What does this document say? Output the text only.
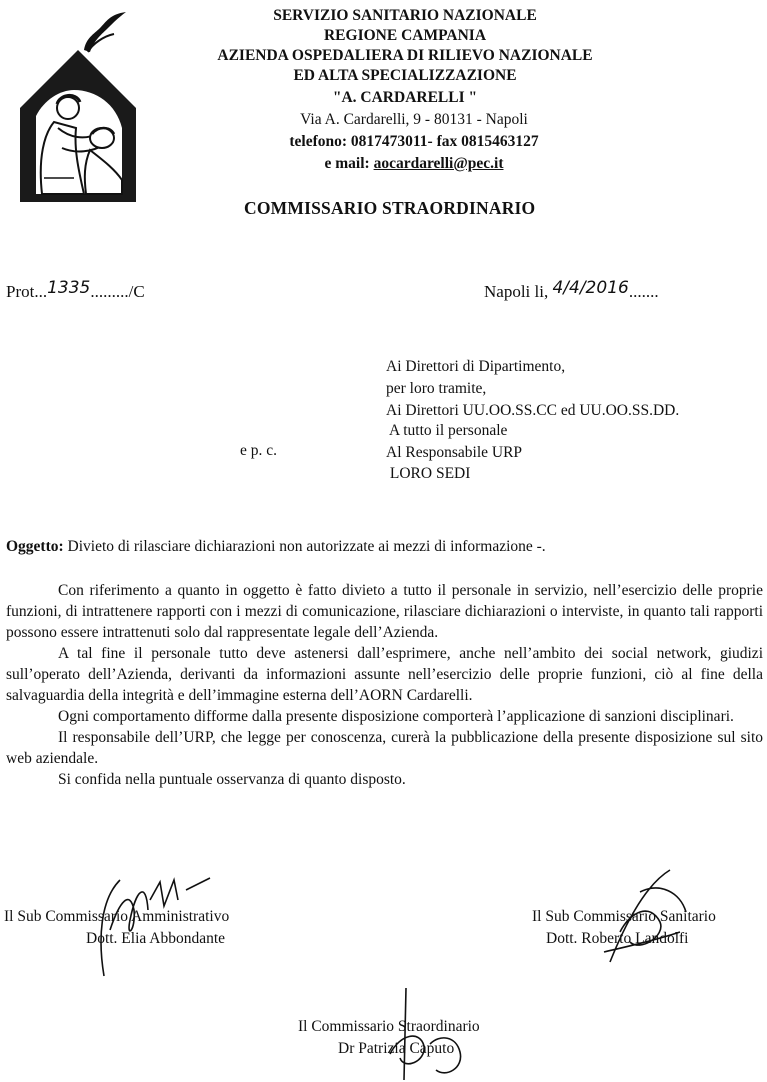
SERVIZIO SANITARIO NAZIONALE
REGIONE CAMPANIA
AZIENDA OSPEDALIERA DI RILIEVO NAZIONALE
ED ALTA SPECIALIZZAZIONE
"A. CARDARELLI "
Via A. Cardarelli, 9 - 80131 - Napoli
telefono: 0817473011- fax 0815463127
e mail: aocardarelli@pec.it
COMMISSARIO STRAORDINARIO
Prot...1335........./C	Napoli li, 4/4/2016.......
Ai Direttori di Dipartimento,
per loro tramite,
Ai Direttori UU.OO.SS.CC ed UU.OO.SS.DD.
A tutto il personale
Al Responsabile URP
LORO SEDI
e p. c.
Oggetto: Divieto di rilasciare dichiarazioni non autorizzate ai mezzi di informazione -.

Con riferimento a quanto in oggetto è fatto divieto a tutto il personale in servizio, nell’esercizio delle proprie funzioni, di intrattenere rapporti con i mezzi di comunicazione, rilasciare dichiarazioni o interviste, in quanto tali rapporti possono essere intrattenuti solo dal rappresentate legale dell’Azienda.

A tal fine il personale tutto deve astenersi dall’esprimere, anche nell’ambito dei social network, giudizi sull’operato dell’Azienda, derivanti da informazioni assunte nell’esercizio delle proprie funzioni, ciò al fine della salvaguardia della integrità e dell’immagine esterna dell’AORN Cardarelli.

Ogni comportamento difforme dalla presente disposizione comporterà l’applicazione di sanzioni disciplinari.

Il responsabile dell’URP, che legge per conoscenza, curerà la pubblicazione della presente disposizione sul sito web aziendale.

Si confida nella puntuale osservanza di quanto disposto.

Il Sub Commissario Amministrativo
Dott. Elia Abbondante
Il Sub Commissario Sanitario
Dott. Roberto Landolfi
Il Commissario Straordinario
Dr Patrizia Caputo
